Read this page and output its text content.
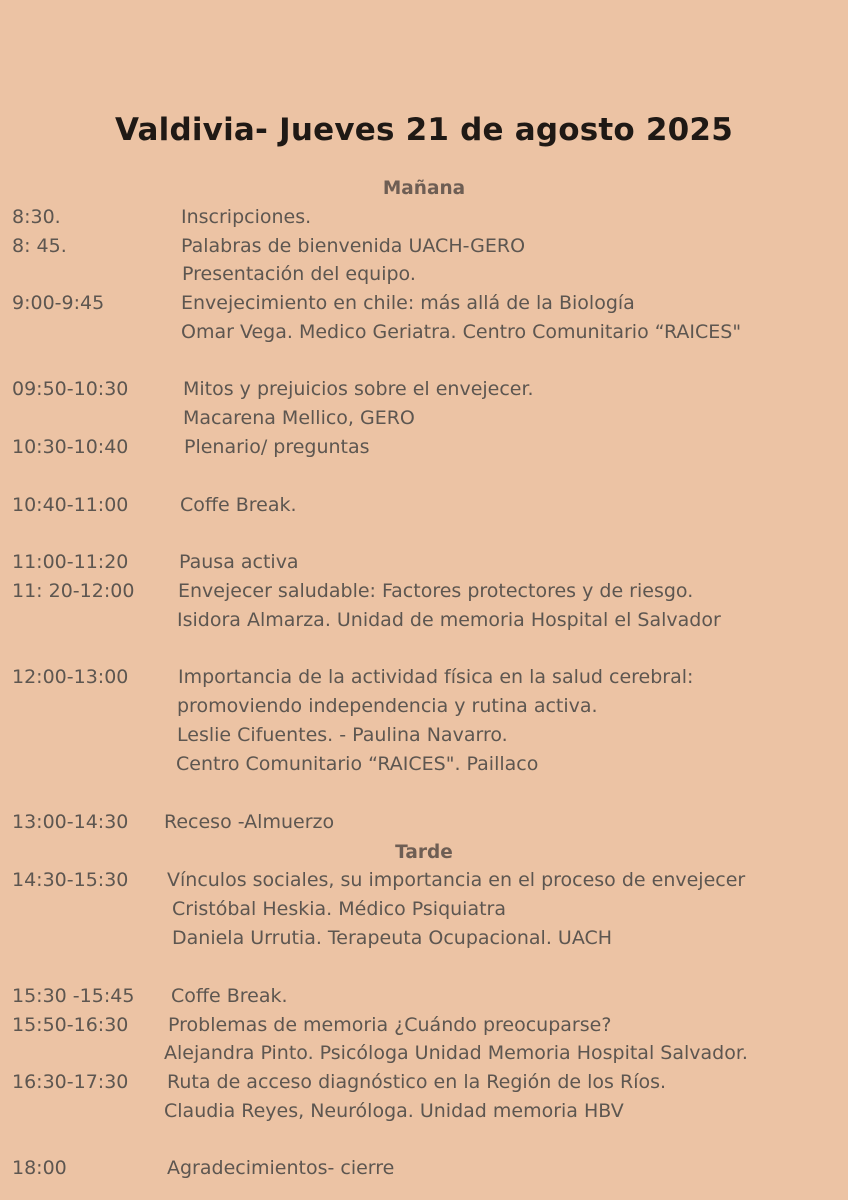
Valdivia- Jueves 21 de agosto 2025
Mañana
8:30.	Inscripciones.
8: 45.	Palabras de bienvenida UACH-GERO
Presentación del equipo.
9:00-9:45	Envejecimiento en chile: más allá de la Biología
Omar Vega. Medico Geriatra. Centro Comunitario “RAICES"
09:50-10:30	Mitos y prejuicios sobre el envejecer.
Macarena Mellico, GERO
10:30-10:40	Plenario/ preguntas
10:40-11:00	Coffe Break.
11:00-11:20	Pausa activa
11: 20-12:00 Envejecer saludable: Factores protectores y de riesgo.
Isidora Almarza. Unidad de memoria Hospital el Salvador
12:00-13:00	Importancia de la actividad física en la salud cerebral:
promoviendo independencia y rutina activa.
Leslie Cifuentes. - Paulina Navarro.
Centro Comunitario “RAICES". Paillaco
13:00-14:30 Receso -Almuerzo
Tarde
14:30-15:30 Vínculos sociales, su importancia en el proceso de envejecer
Cristóbal Heskia. Médico Psiquiatra
Daniela Urrutia. Terapeuta Ocupacional. UACH
15:30 -15:45 Coffe Break.
15:50-16:30 Problemas de memoria ¿Cuándo preocuparse?
Alejandra Pinto. Psicóloga Unidad Memoria Hospital Salvador.
16:30-17:30 Ruta de acceso diagnóstico en la Región de los Ríos.
Claudia Reyes, Neuróloga. Unidad memoria HBV
18:00	Agradecimientos- cierre
